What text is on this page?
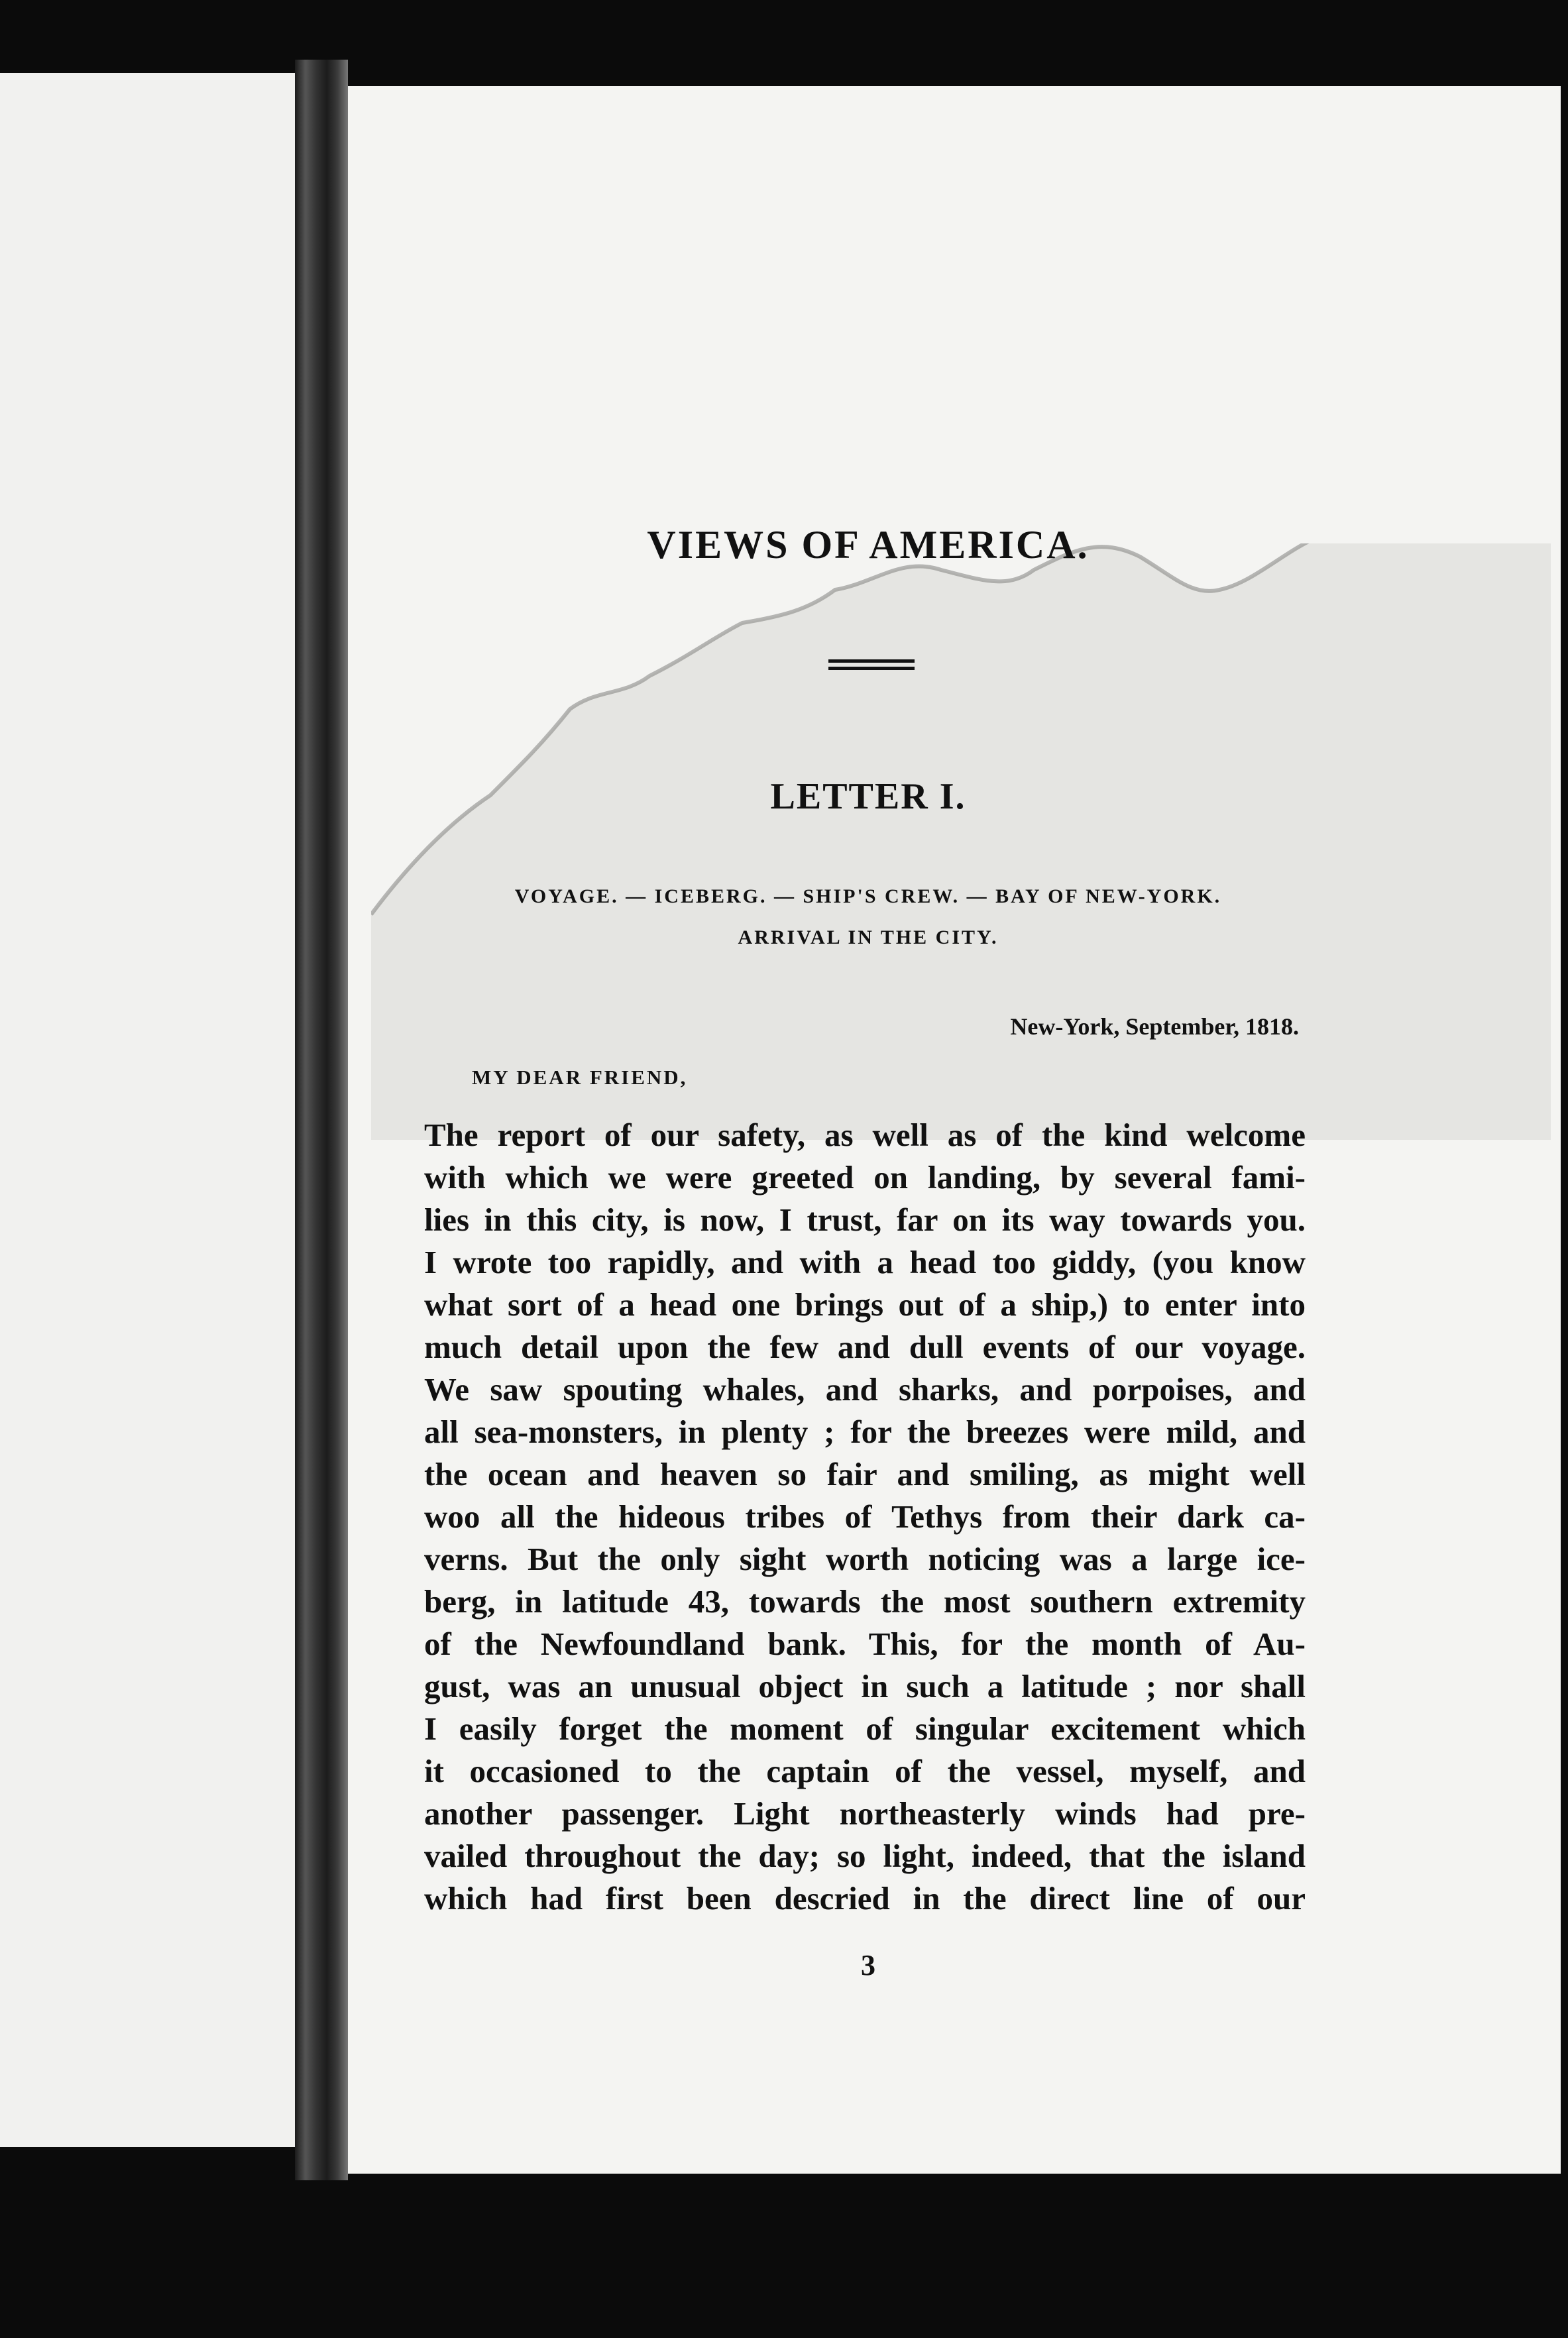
VIEWS OF AMERICA.
LETTER I.
VOYAGE. — ICEBERG. — SHIP'S CREW. — BAY OF NEW-YORK.
ARRIVAL IN THE CITY.
New-York, September, 1818.
MY DEAR FRIEND,
The report of our safety, as well as of the kind welcome
with which we were greeted on landing, by several fami-
lies in this city, is now, I trust, far on its way towards you.
I wrote too rapidly, and with a head too giddy, (you know
what sort of a head one brings out of a ship,) to enter into
much detail upon the few and dull events of our voyage.
We saw spouting whales, and sharks, and porpoises, and
all sea-monsters, in plenty ; for the breezes were mild, and
the ocean and heaven so fair and smiling, as might well
woo all the hideous tribes of Tethys from their dark ca-
verns. But the only sight worth noticing was a large ice-
berg, in latitude 43, towards the most southern extremity
of the Newfoundland bank. This, for the month of Au-
gust, was an unusual object in such a latitude ; nor shall
I easily forget the moment of singular excitement which
it occasioned to the captain of the vessel, myself, and
another passenger. Light northeasterly winds had pre-
vailed throughout the day; so light, indeed, that the island
which had first been descried in the direct line of our
3
